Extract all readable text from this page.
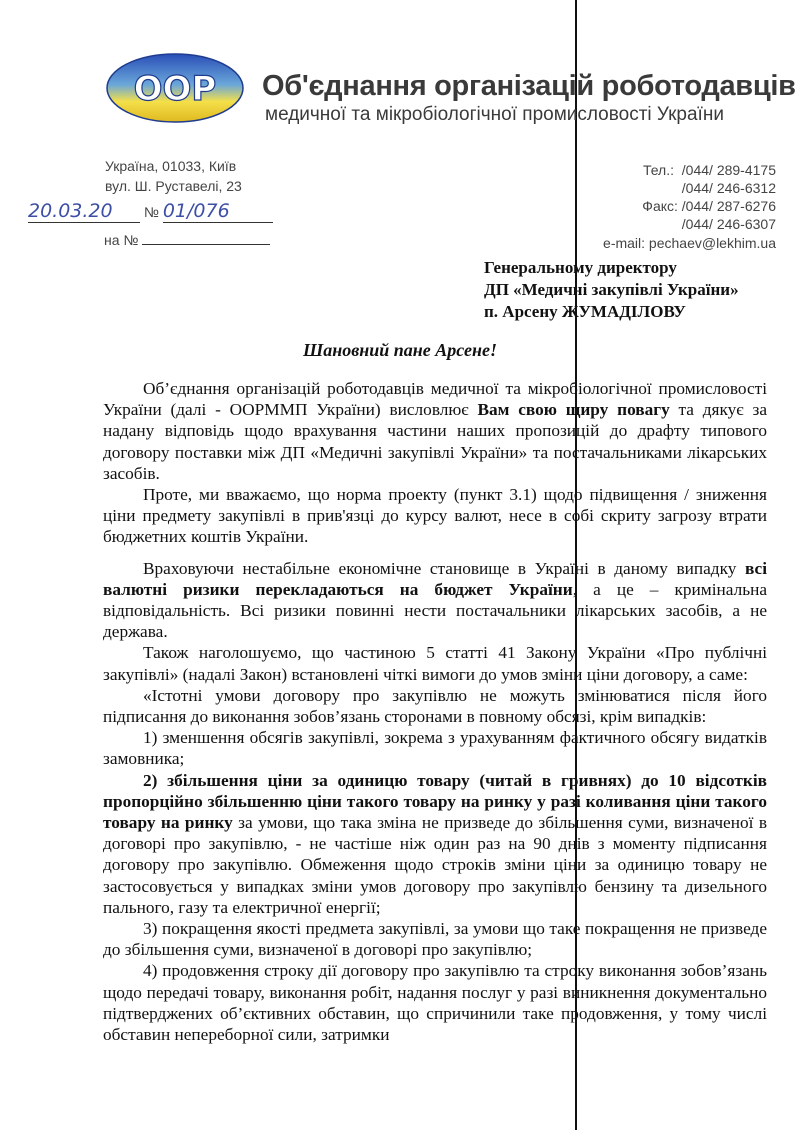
OOP Об'єднання організацій роботодавців
медичної та мікробіологічної промисловості України
Україна, 01033, Київ
вул. Ш. Руставелі, 23
Тел.: /044/ 289-4175
/044/ 246-6312
Факс: /044/ 287-6276
/044/ 246-6307
e-mail: pechaev@lekhim.ua
20.03.20 № 01/076
на №
Генеральному директору
ДП «Медичні закупівлі України»
п. Арсену ЖУМАДІЛОВУ
Шановний пане Арсене!

Об’єднання організацій роботодавців медичної та мікробіологічної промисловості України (далі - ООРММП України) висловлює Вам свою щиру повагу та дякує за надану відповідь щодо врахування частини наших пропозицій до драфту типового договору поставки між ДП «Медичні закупівлі України» та постачальниками лікарських засобів.

Проте, ми вважаємо, що норма проекту (пункт 3.1) щодо підвищення / зниження ціни предмету закупівлі в прив'язці до курсу валют, несе в собі скриту загрозу втрати бюджетних коштів України.

Враховуючи нестабільне економічне становище в Україні в даному випадку всі валютні ризики перекладаються на бюджет України, а це – кримінальна відповідальність. Всі ризики повинні нести постачальники лікарських засобів, а не держава.

Також наголошуємо, що частиною 5 статті 41 Закону України «Про публічні закупівлі» (надалі Закон) встановлені чіткі вимоги до умов зміни ціни договору, а саме:

«Істотні умови договору про закупівлю не можуть змінюватися після його підписання до виконання зобов’язань сторонами в повному обсязі, крім випадків:

1) зменшення обсягів закупівлі, зокрема з урахуванням фактичного обсягу видатків замовника;

2) збільшення ціни за одиницю товару (читай в гривнях) до 10 відсотків пропорційно збільшенню ціни такого товару на ринку у разі коливання ціни такого товару на ринку за умови, що така зміна не призведе до збільшення суми, визначеної в договорі про закупівлю, - не частіше ніж один раз на 90 днів з моменту підписання договору про закупівлю. Обмеження щодо строків зміни ціни за одиницю товару не застосовується у випадках зміни умов договору про закупівлю бензину та дизельного пального, газу та електричної енергії;

3) покращення якості предмета закупівлі, за умови що таке покращення не призведе до збільшення суми, визначеної в договорі про закупівлю;

4) продовження строку дії договору про закупівлю та строку виконання зобов’язань щодо передачі товару, виконання робіт, надання послуг у разі виникнення документально підтверджених об’єктивних обставин, що спричинили таке продовження, у тому числі обставин непереборної сили, затримки
